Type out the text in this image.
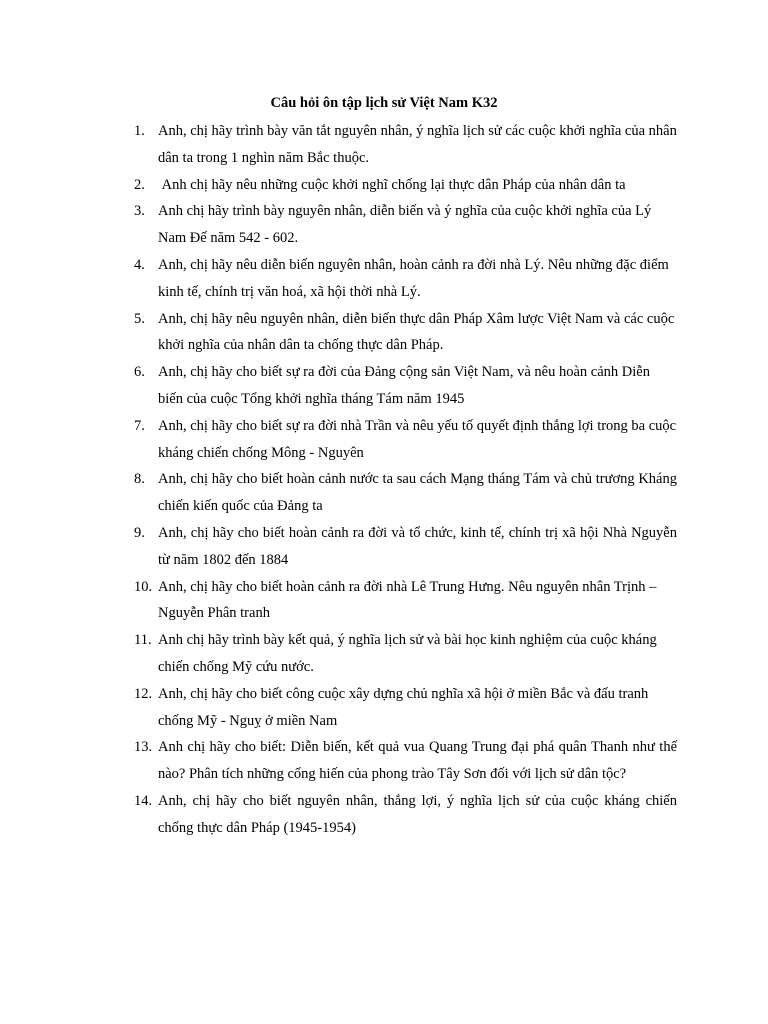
Câu hỏi ôn tập lịch sử Việt Nam K32
1. Anh, chị hãy trình bày văn tắt nguyên nhân, ý nghĩa lịch sử các cuộc khởi nghĩa của nhân dân ta trong 1 nghìn năm Bắc thuộc.
2. Anh chị hãy nêu những cuộc khởi nghĩ chống lại thực dân Pháp của nhân dân ta
3. Anh chị hãy trình bày nguyên nhân, diễn biến và ý nghĩa của cuộc khởi nghĩa của Lý Nam Đế năm 542 - 602.
4. Anh, chị hãy nêu diễn biến nguyên nhân, hoàn cảnh ra đời nhà Lý. Nêu những đặc điểm kinh tế, chính trị văn hoá, xã hội thời nhà Lý.
5. Anh, chị hãy nêu nguyên nhân, diễn biến thực dân Pháp Xâm lược Việt Nam và các cuộc khởi nghĩa của nhân dân ta chống thực dân Pháp.
6. Anh, chị hãy cho biết sự ra đời của Đảng cộng sản Việt Nam, và nêu hoàn cảnh Diễn biến của cuộc Tổng khởi nghĩa tháng Tám năm 1945
7. Anh, chị hãy cho biết sự ra đời nhà Trần và nêu yếu tố quyết định thắng lợi trong ba cuộc kháng chiến chống Mông - Nguyên
8. Anh, chị hãy cho biết hoàn cảnh nước ta sau cách Mạng tháng Tám và chủ trương Kháng chiến kiến quốc của Đảng ta
9. Anh, chị hãy cho biết hoàn cảnh ra đời và tổ chức, kinh tế, chính trị xã hội Nhà Nguyễn từ năm 1802 đến 1884
10. Anh, chị hãy cho biết hoàn cảnh ra đời nhà Lê Trung Hưng. Nêu nguyên nhân Trịnh – Nguyễn Phân tranh
11. Anh chị hãy trình bày kết quả, ý nghĩa lịch sử và bài học kinh nghiệm của cuộc kháng chiến chống Mỹ cứu nước.
12. Anh, chị hãy cho biết công cuộc xây dựng chủ nghĩa xã hội ở miền Bắc và đấu tranh chống Mỹ - Nguỵ ở miền Nam
13. Anh chị hãy cho biết: Diễn biến, kết quả vua Quang Trung đại phá quân Thanh như thế nào? Phân tích những cống hiến của phong trào Tây Sơn đối với lịch sử dân tộc?
14. Anh, chị hãy cho biết nguyên nhân, thắng lợi, ý nghĩa lịch sử của cuộc kháng chiến chống thực dân Pháp (1945-1954)
